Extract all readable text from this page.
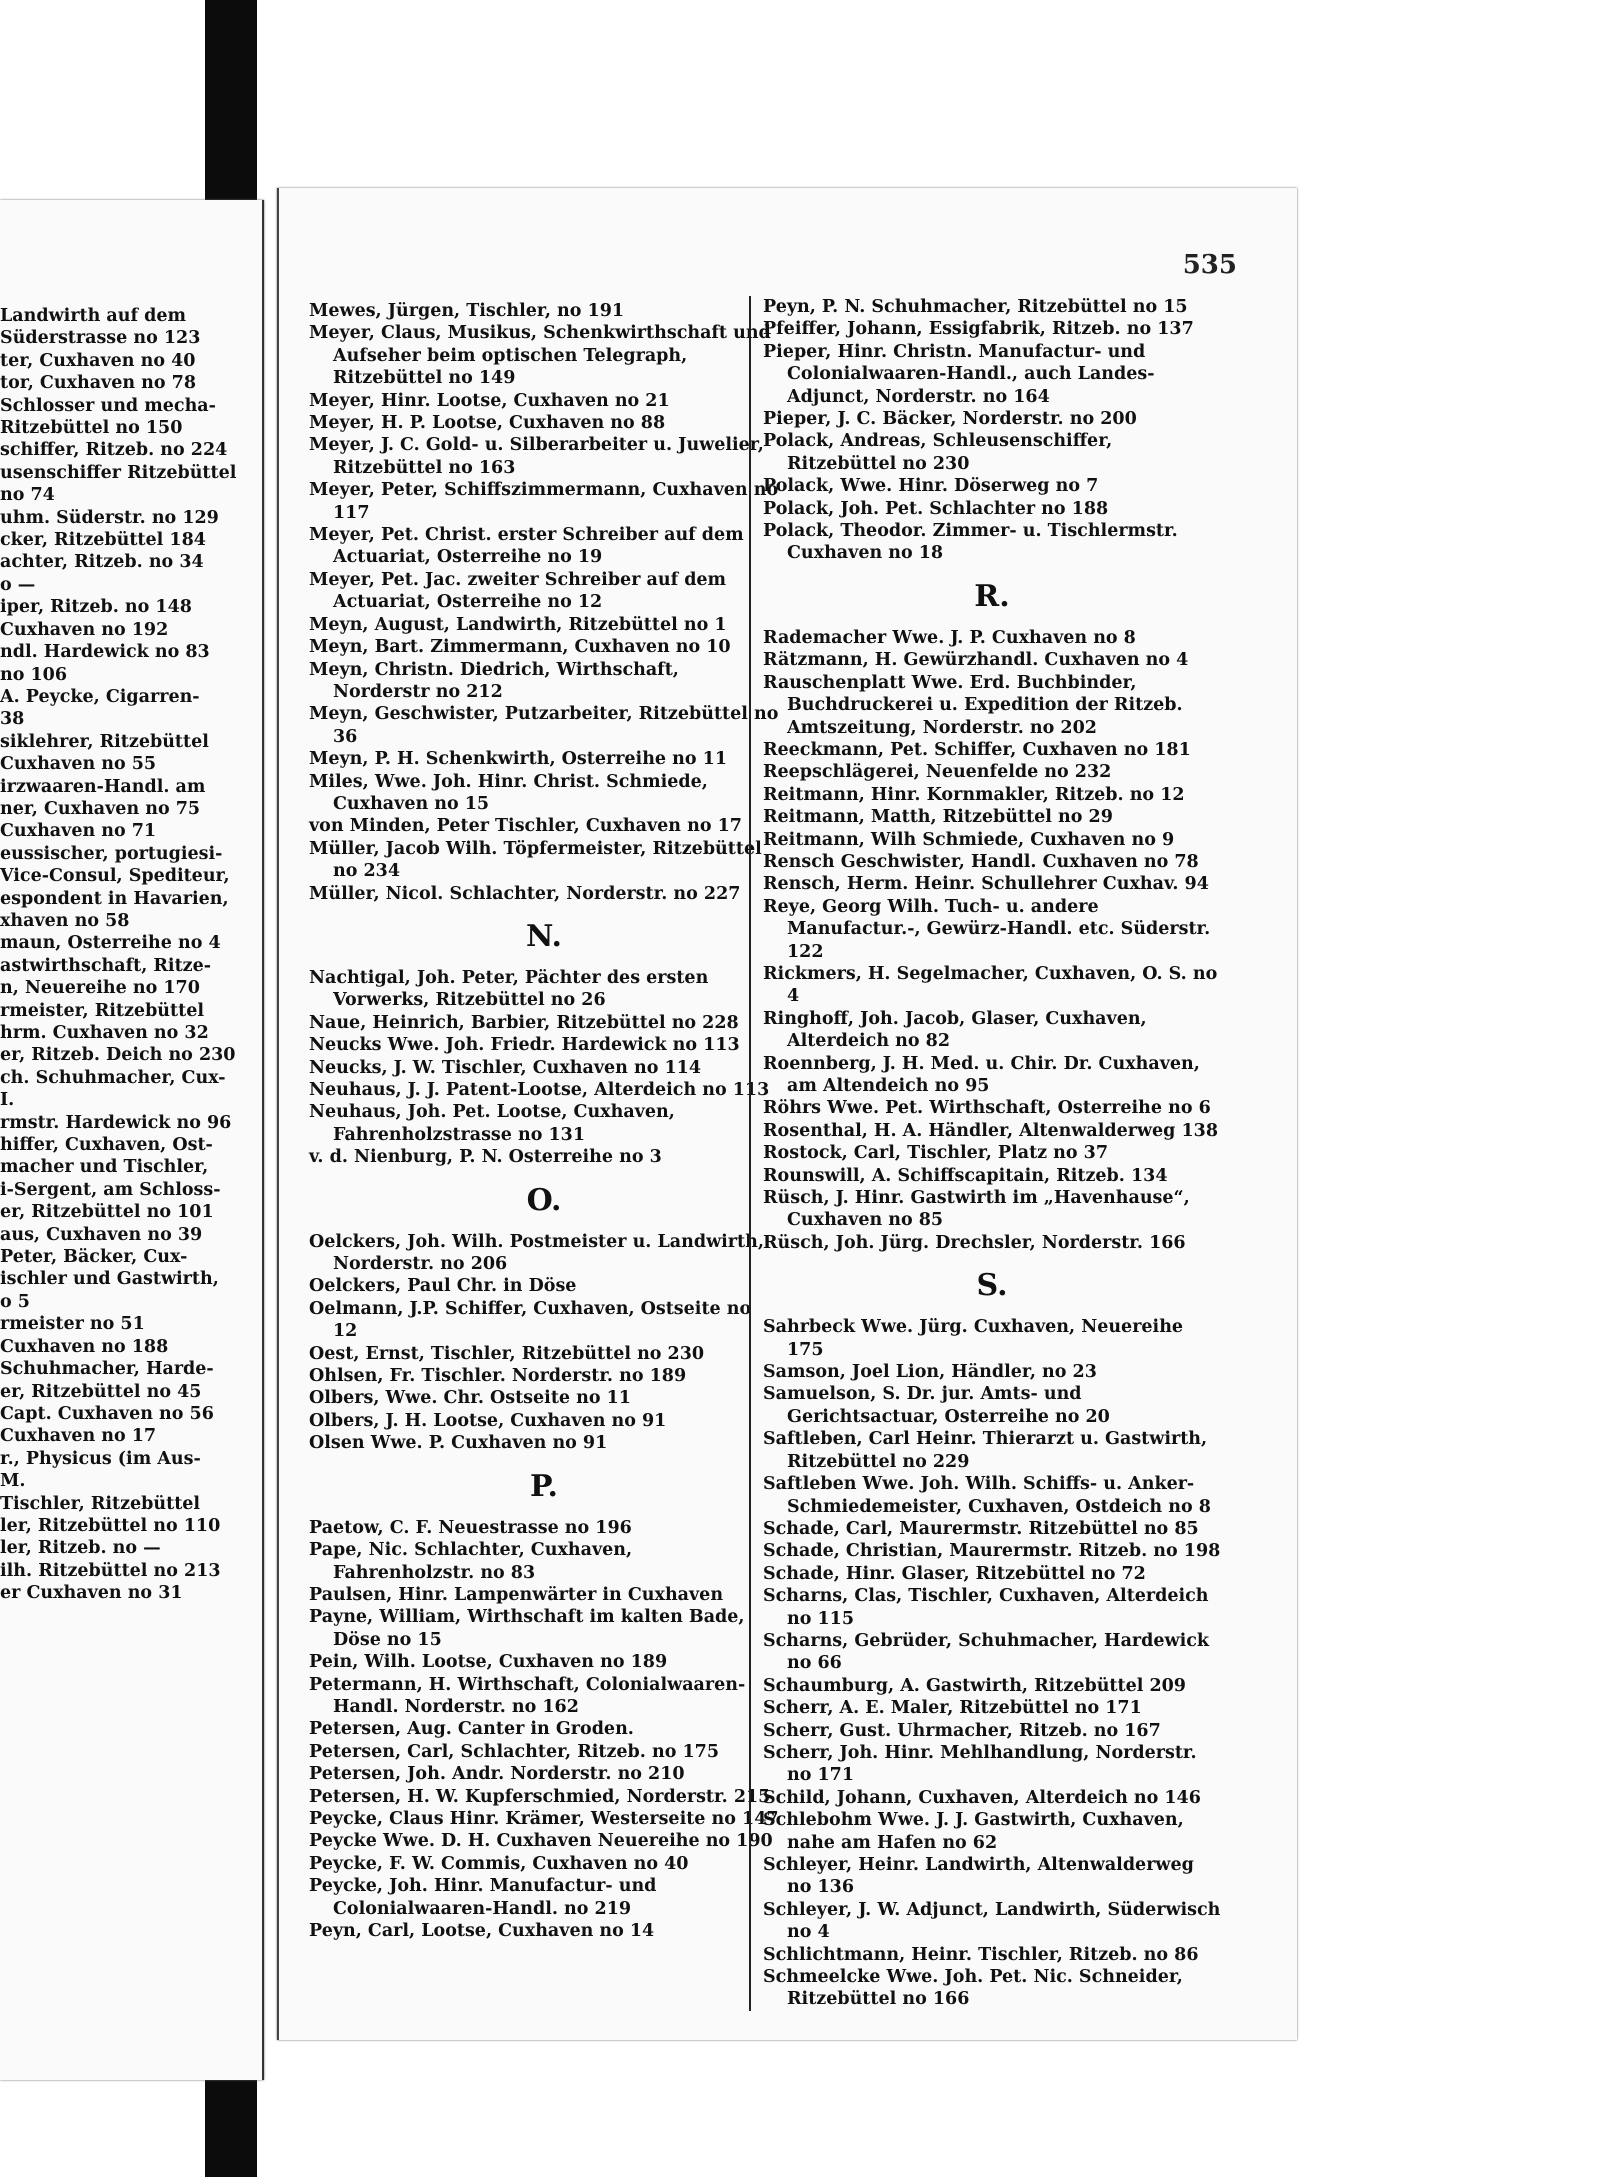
Landwirth auf dem

Süderstrasse no 123

ter, Cuxhaven no 40

tor, Cuxhaven no 78

Schlosser und mecha-

Ritzebüttel no 150

schiffer, Ritzeb. no 224

usenschiffer Ritzebüttel

no 74

uhm. Süderstr. no 129

cker, Ritzebüttel 184

achter, Ritzeb. no 34

o —

iper, Ritzeb. no 148

Cuxhaven no 192

ndl. Hardewick no 83

no 106

A. Peycke, Cigarren-

38

siklehrer, Ritzebüttel

Cuxhaven no 55

irzwaaren-Handl. am

ner, Cuxhaven no 75

Cuxhaven no 71

eussischer, portugiesi-

Vice-Consul, Spediteur,

espondent in Havarien,

xhaven no 58

maun, Osterreihe no 4

astwirthschaft, Ritze-

n, Neuereihe no 170

rmeister, Ritzebüttel

hrm. Cuxhaven no 32

er, Ritzeb. Deich no 230

ch. Schuhmacher, Cux-

I.

rmstr. Hardewick no 96

hiffer, Cuxhaven, Ost-

macher und Tischler,

i-Sergent, am Schloss-

er, Ritzebüttel no 101

aus, Cuxhaven no 39

Peter, Bäcker, Cux-

ischler und Gastwirth,

o 5

rmeister no 51

Cuxhaven no 188

Schuhmacher, Harde-

er, Ritzebüttel no 45

Capt. Cuxhaven no 56

Cuxhaven no 17

r., Physicus (im Aus-

M.

Tischler, Ritzebüttel

ler, Ritzebüttel no 110

ler, Ritzeb. no —

ilh. Ritzebüttel no 213

er Cuxhaven no 31

535

Mewes, Jürgen, Tischler, no 191

Meyer, Claus, Musikus, Schenkwirthschaft und Aufseher beim optischen Telegraph, Ritzebüttel no 149

Meyer, Hinr. Lootse, Cuxhaven no 21

Meyer, H. P. Lootse, Cuxhaven no 88

Meyer, J. C. Gold- u. Silberarbeiter u. Juwelier, Ritzebüttel no 163

Meyer, Peter, Schiffszimmermann, Cuxhaven no 117

Meyer, Pet. Christ. erster Schreiber auf dem Actuariat, Osterreihe no 19

Meyer, Pet. Jac. zweiter Schreiber auf dem Actuariat, Osterreihe no 12

Meyn, August, Landwirth, Ritzebüttel no 1

Meyn, Bart. Zimmermann, Cuxhaven no 10

Meyn, Christn. Diedrich, Wirthschaft, Norderstr no 212

Meyn, Geschwister, Putzarbeiter, Ritzebüttel no 36

Meyn, P. H. Schenkwirth, Osterreihe no 11

Miles, Wwe. Joh. Hinr. Christ. Schmiede, Cuxhaven no 15

von Minden, Peter Tischler, Cuxhaven no 17

Müller, Jacob Wilh. Töpfermeister, Ritzebüttel no 234

Müller, Nicol. Schlachter, Norderstr. no 227

N.

Nachtigal, Joh. Peter, Pächter des ersten Vorwerks, Ritzebüttel no 26

Naue, Heinrich, Barbier, Ritzebüttel no 228

Neucks Wwe. Joh. Friedr. Hardewick no 113

Neucks, J. W. Tischler, Cuxhaven no 114

Neuhaus, J. J. Patent-Lootse, Alterdeich no 113

Neuhaus, Joh. Pet. Lootse, Cuxhaven, Fahrenholzstrasse no 131

v. d. Nienburg, P. N. Osterreihe no 3

O.

Oelckers, Joh. Wilh. Postmeister u. Landwirth, Norderstr. no 206

Oelckers, Paul Chr. in Döse

Oelmann, J.P. Schiffer, Cuxhaven, Ostseite no 12

Oest, Ernst, Tischler, Ritzebüttel no 230

Ohlsen, Fr. Tischler. Norderstr. no 189

Olbers, Wwe. Chr. Ostseite no 11

Olbers, J. H. Lootse, Cuxhaven no 91

Olsen Wwe. P. Cuxhaven no 91

P.

Paetow, C. F. Neuestrasse no 196

Pape, Nic. Schlachter, Cuxhaven, Fahrenholzstr. no 83

Paulsen, Hinr. Lampenwärter in Cuxhaven

Payne, William, Wirthschaft im kalten Bade, Döse no 15

Pein, Wilh. Lootse, Cuxhaven no 189

Petermann, H. Wirthschaft, Colonialwaaren-Handl. Norderstr. no 162

Petersen, Aug. Canter in Groden.

Petersen, Carl, Schlachter, Ritzeb. no 175

Petersen, Joh. Andr. Norderstr. no 210

Petersen, H. W. Kupferschmied, Norderstr. 215

Peycke, Claus Hinr. Krämer, Westerseite no 147

Peycke Wwe. D. H. Cuxhaven Neuereihe no 190

Peycke, F. W. Commis, Cuxhaven no 40

Peycke, Joh. Hinr. Manufactur- und Colonialwaaren-Handl. no 219

Peyn, Carl, Lootse, Cuxhaven no 14

Peyn, P. N. Schuhmacher, Ritzebüttel no 15

Pfeiffer, Johann, Essigfabrik, Ritzeb. no 137

Pieper, Hinr. Christn. Manufactur- und Colonialwaaren-Handl., auch Landes-Adjunct, Norderstr. no 164

Pieper, J. C. Bäcker, Norderstr. no 200

Polack, Andreas, Schleusenschiffer, Ritzebüttel no 230

Polack, Wwe. Hinr. Döserweg no 7

Polack, Joh. Pet. Schlachter no 188

Polack, Theodor. Zimmer- u. Tischlermstr. Cuxhaven no 18

R.

Rademacher Wwe. J. P. Cuxhaven no 8

Rätzmann, H. Gewürzhandl. Cuxhaven no 4

Rauschenplatt Wwe. Erd. Buchbinder, Buchdruckerei u. Expedition der Ritzeb. Amtszeitung, Norderstr. no 202

Reeckmann, Pet. Schiffer, Cuxhaven no 181

Reepschlägerei, Neuenfelde no 232

Reitmann, Hinr. Kornmakler, Ritzeb. no 12

Reitmann, Matth, Ritzebüttel no 29

Reitmann, Wilh Schmiede, Cuxhaven no 9

Rensch Geschwister, Handl. Cuxhaven no 78

Rensch, Herm. Heinr. Schullehrer Cuxhav. 94

Reye, Georg Wilh. Tuch- u. andere Manufactur.-, Gewürz-Handl. etc. Süderstr. 122

Rickmers, H. Segelmacher, Cuxhaven, O. S. no 4

Ringhoff, Joh. Jacob, Glaser, Cuxhaven, Alterdeich no 82

Roennberg, J. H. Med. u. Chir. Dr. Cuxhaven, am Altendeich no 95

Röhrs Wwe. Pet. Wirthschaft, Osterreihe no 6

Rosenthal, H. A. Händler, Altenwalderweg 138

Rostock, Carl, Tischler, Platz no 37

Rounswill, A. Schiffscapitain, Ritzeb. 134

Rüsch, J. Hinr. Gastwirth im „Havenhause“, Cuxhaven no 85

Rüsch, Joh. Jürg. Drechsler, Norderstr. 166

S.

Sahrbeck Wwe. Jürg. Cuxhaven, Neuereihe 175

Samson, Joel Lion, Händler, no 23

Samuelson, S. Dr. jur. Amts- und Gerichtsactuar, Osterreihe no 20

Saftleben, Carl Heinr. Thierarzt u. Gastwirth, Ritzebüttel no 229

Saftleben Wwe. Joh. Wilh. Schiffs- u. Anker-Schmiedemeister, Cuxhaven, Ostdeich no 8

Schade, Carl, Maurermstr. Ritzebüttel no 85

Schade, Christian, Maurermstr. Ritzeb. no 198

Schade, Hinr. Glaser, Ritzebüttel no 72

Scharns, Clas, Tischler, Cuxhaven, Alterdeich no 115

Scharns, Gebrüder, Schuhmacher, Hardewick no 66

Schaumburg, A. Gastwirth, Ritzebüttel 209

Scherr, A. E. Maler, Ritzebüttel no 171

Scherr, Gust. Uhrmacher, Ritzeb. no 167

Scherr, Joh. Hinr. Mehlhandlung, Norderstr. no 171

Schild, Johann, Cuxhaven, Alterdeich no 146

Schlebohm Wwe. J. J. Gastwirth, Cuxhaven, nahe am Hafen no 62

Schleyer, Heinr. Landwirth, Altenwalderweg no 136

Schleyer, J. W. Adjunct, Landwirth, Süderwisch no 4

Schlichtmann, Heinr. Tischler, Ritzeb. no 86

Schmeelcke Wwe. Joh. Pet. Nic. Schneider, Ritzebüttel no 166
